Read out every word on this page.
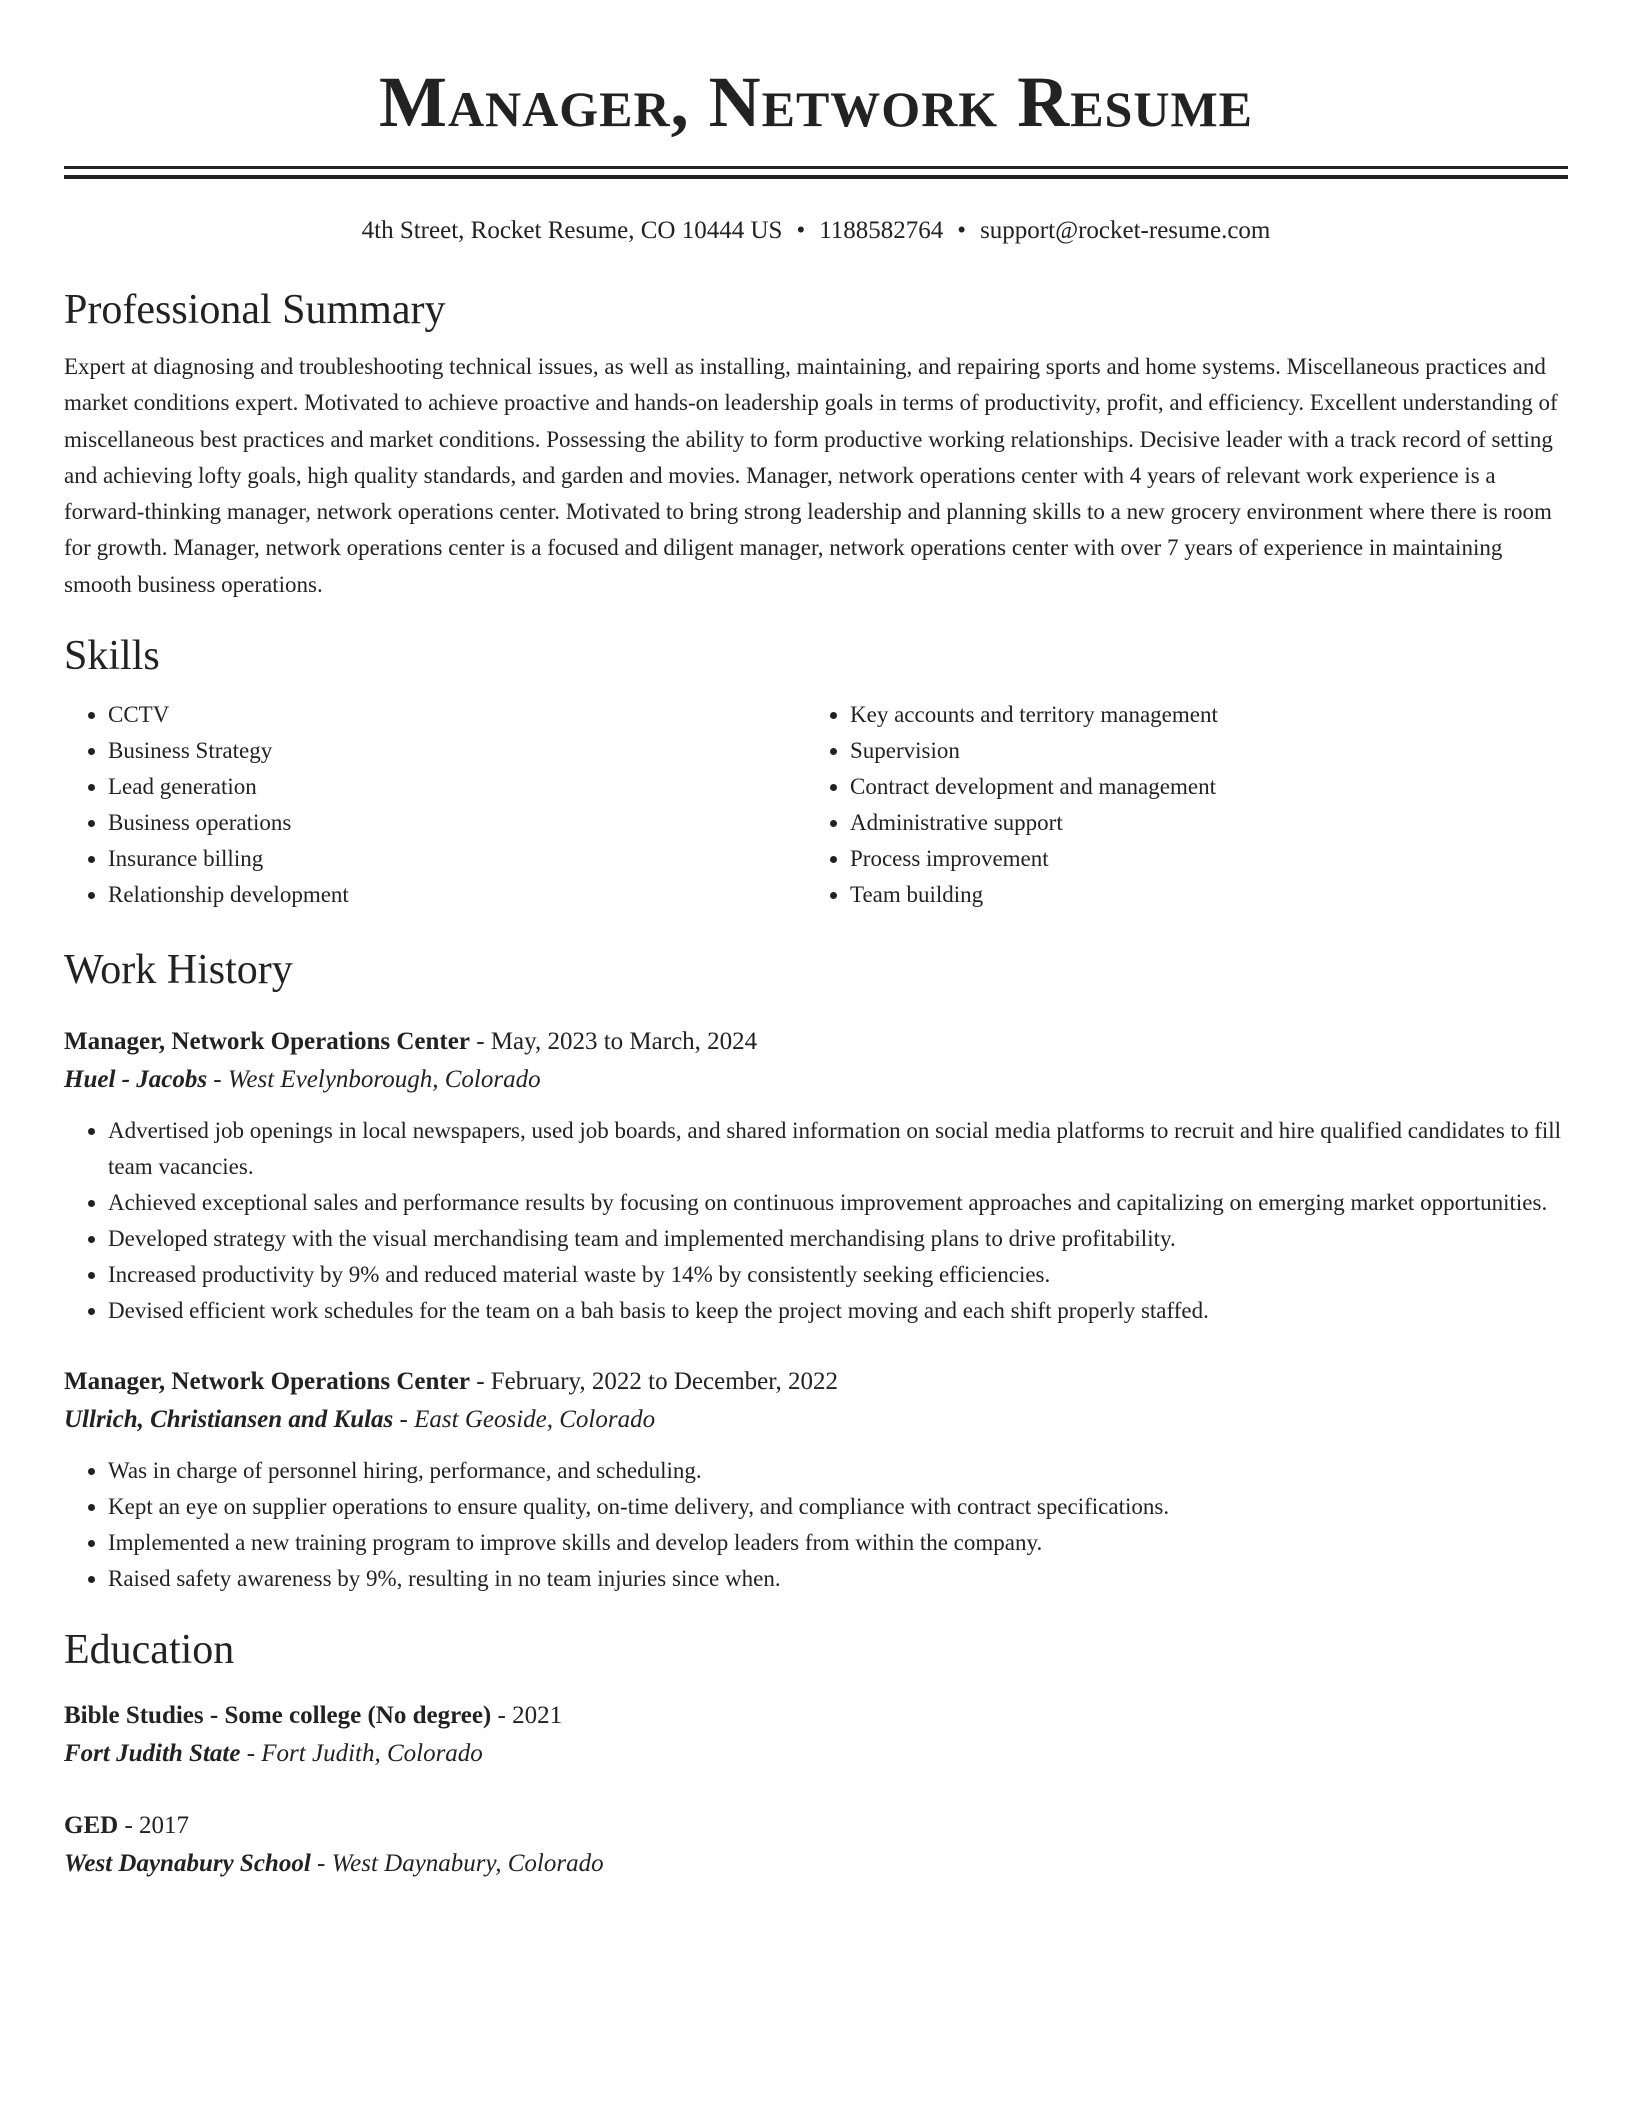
Manager, Network Resume
4th Street, Rocket Resume, CO 10444 US • 1188582764 • support@rocket-resume.com
Professional Summary
Expert at diagnosing and troubleshooting technical issues, as well as installing, maintaining, and repairing sports and home systems. Miscellaneous practices and market conditions expert. Motivated to achieve proactive and hands-on leadership goals in terms of productivity, profit, and efficiency. Excellent understanding of miscellaneous best practices and market conditions. Possessing the ability to form productive working relationships. Decisive leader with a track record of setting and achieving lofty goals, high quality standards, and garden and movies. Manager, network operations center with 4 years of relevant work experience is a forward-thinking manager, network operations center. Motivated to bring strong leadership and planning skills to a new grocery environment where there is room for growth. Manager, network operations center is a focused and diligent manager, network operations center with over 7 years of experience in maintaining smooth business operations.
Skills
• CCTV
• Business Strategy
• Lead generation
• Business operations
• Insurance billing
• Relationship development
• Key accounts and territory management
• Supervision
• Contract development and management
• Administrative support
• Process improvement
• Team building
Work History
Manager, Network Operations Center - May, 2023 to March, 2024
Huel - Jacobs - West Evelynborough, Colorado
• Advertised job openings in local newspapers, used job boards, and shared information on social media platforms to recruit and hire qualified candidates to fill team vacancies.
• Achieved exceptional sales and performance results by focusing on continuous improvement approaches and capitalizing on emerging market opportunities.
• Developed strategy with the visual merchandising team and implemented merchandising plans to drive profitability.
• Increased productivity by 9% and reduced material waste by 14% by consistently seeking efficiencies.
• Devised efficient work schedules for the team on a bah basis to keep the project moving and each shift properly staffed.
Manager, Network Operations Center - February, 2022 to December, 2022
Ullrich, Christiansen and Kulas - East Geoside, Colorado
• Was in charge of personnel hiring, performance, and scheduling.
• Kept an eye on supplier operations to ensure quality, on-time delivery, and compliance with contract specifications.
• Implemented a new training program to improve skills and develop leaders from within the company.
• Raised safety awareness by 9%, resulting in no team injuries since when.
Education
Bible Studies - Some college (No degree) - 2021
Fort Judith State - Fort Judith, Colorado
GED - 2017
West Daynabury School - West Daynabury, Colorado
